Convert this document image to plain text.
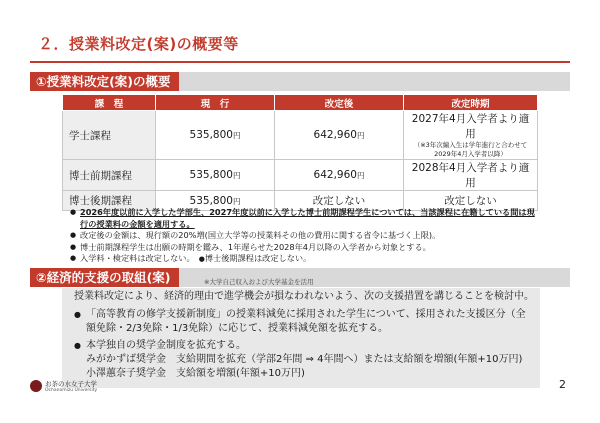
２．授業料改定(案)の概要等
①授業料改定(案)の概要
課　程	現　行	改定後	改定時期
学士課程	535,800円	642,960円	2027年4月入学者より適用
（※3年次編入生は学年進行と合わせて2029年4月入学者以降）

博士前期課程	535,800円	642,960円	2028年4月入学者より適用
博士後期課程	535,800円	改定しない	改定しない
● 2026年度以前に入学した学部生、2027年度以前に入学した博士前期課程学生については、当該課程に在籍している間は現行の授業料の金額を適用する。
● 改定後の金額は、現行額の20%増(国立大学等の授業料その他の費用に関する省令に基づく上限)。
● 博士前期課程学生は出願の時期を鑑み、1年遅らせた2028年4月以降の入学者から対象とする。
● 入学料・検定料は改定しない。　 ●博士後期課程は改定しない。
②経済的支援の取組(案)	※大学自己収入および大学基金を活用
授業料改定により、経済的理由で進学機会が損なわれないよう、次の支援措置を講じることを検討中。
● 「高等教育の修学支援新制度」の授業料減免に採用された学生について、採用された支援区分（全
額免除・2/3免除・1/3免除）に応じて、授業料減免額を拡充する。
● 本学独自の奨学金制度を拡充する。
みがかずば奨学金　支給期間を拡充（学部2年間 ⇒ 4年間へ）または支給額を増額(年額+10万円)
小澤蕙奈子奨学金　支給額を増額(年額+10万円)
お茶の水女子大学
Ochanomizu University	2
